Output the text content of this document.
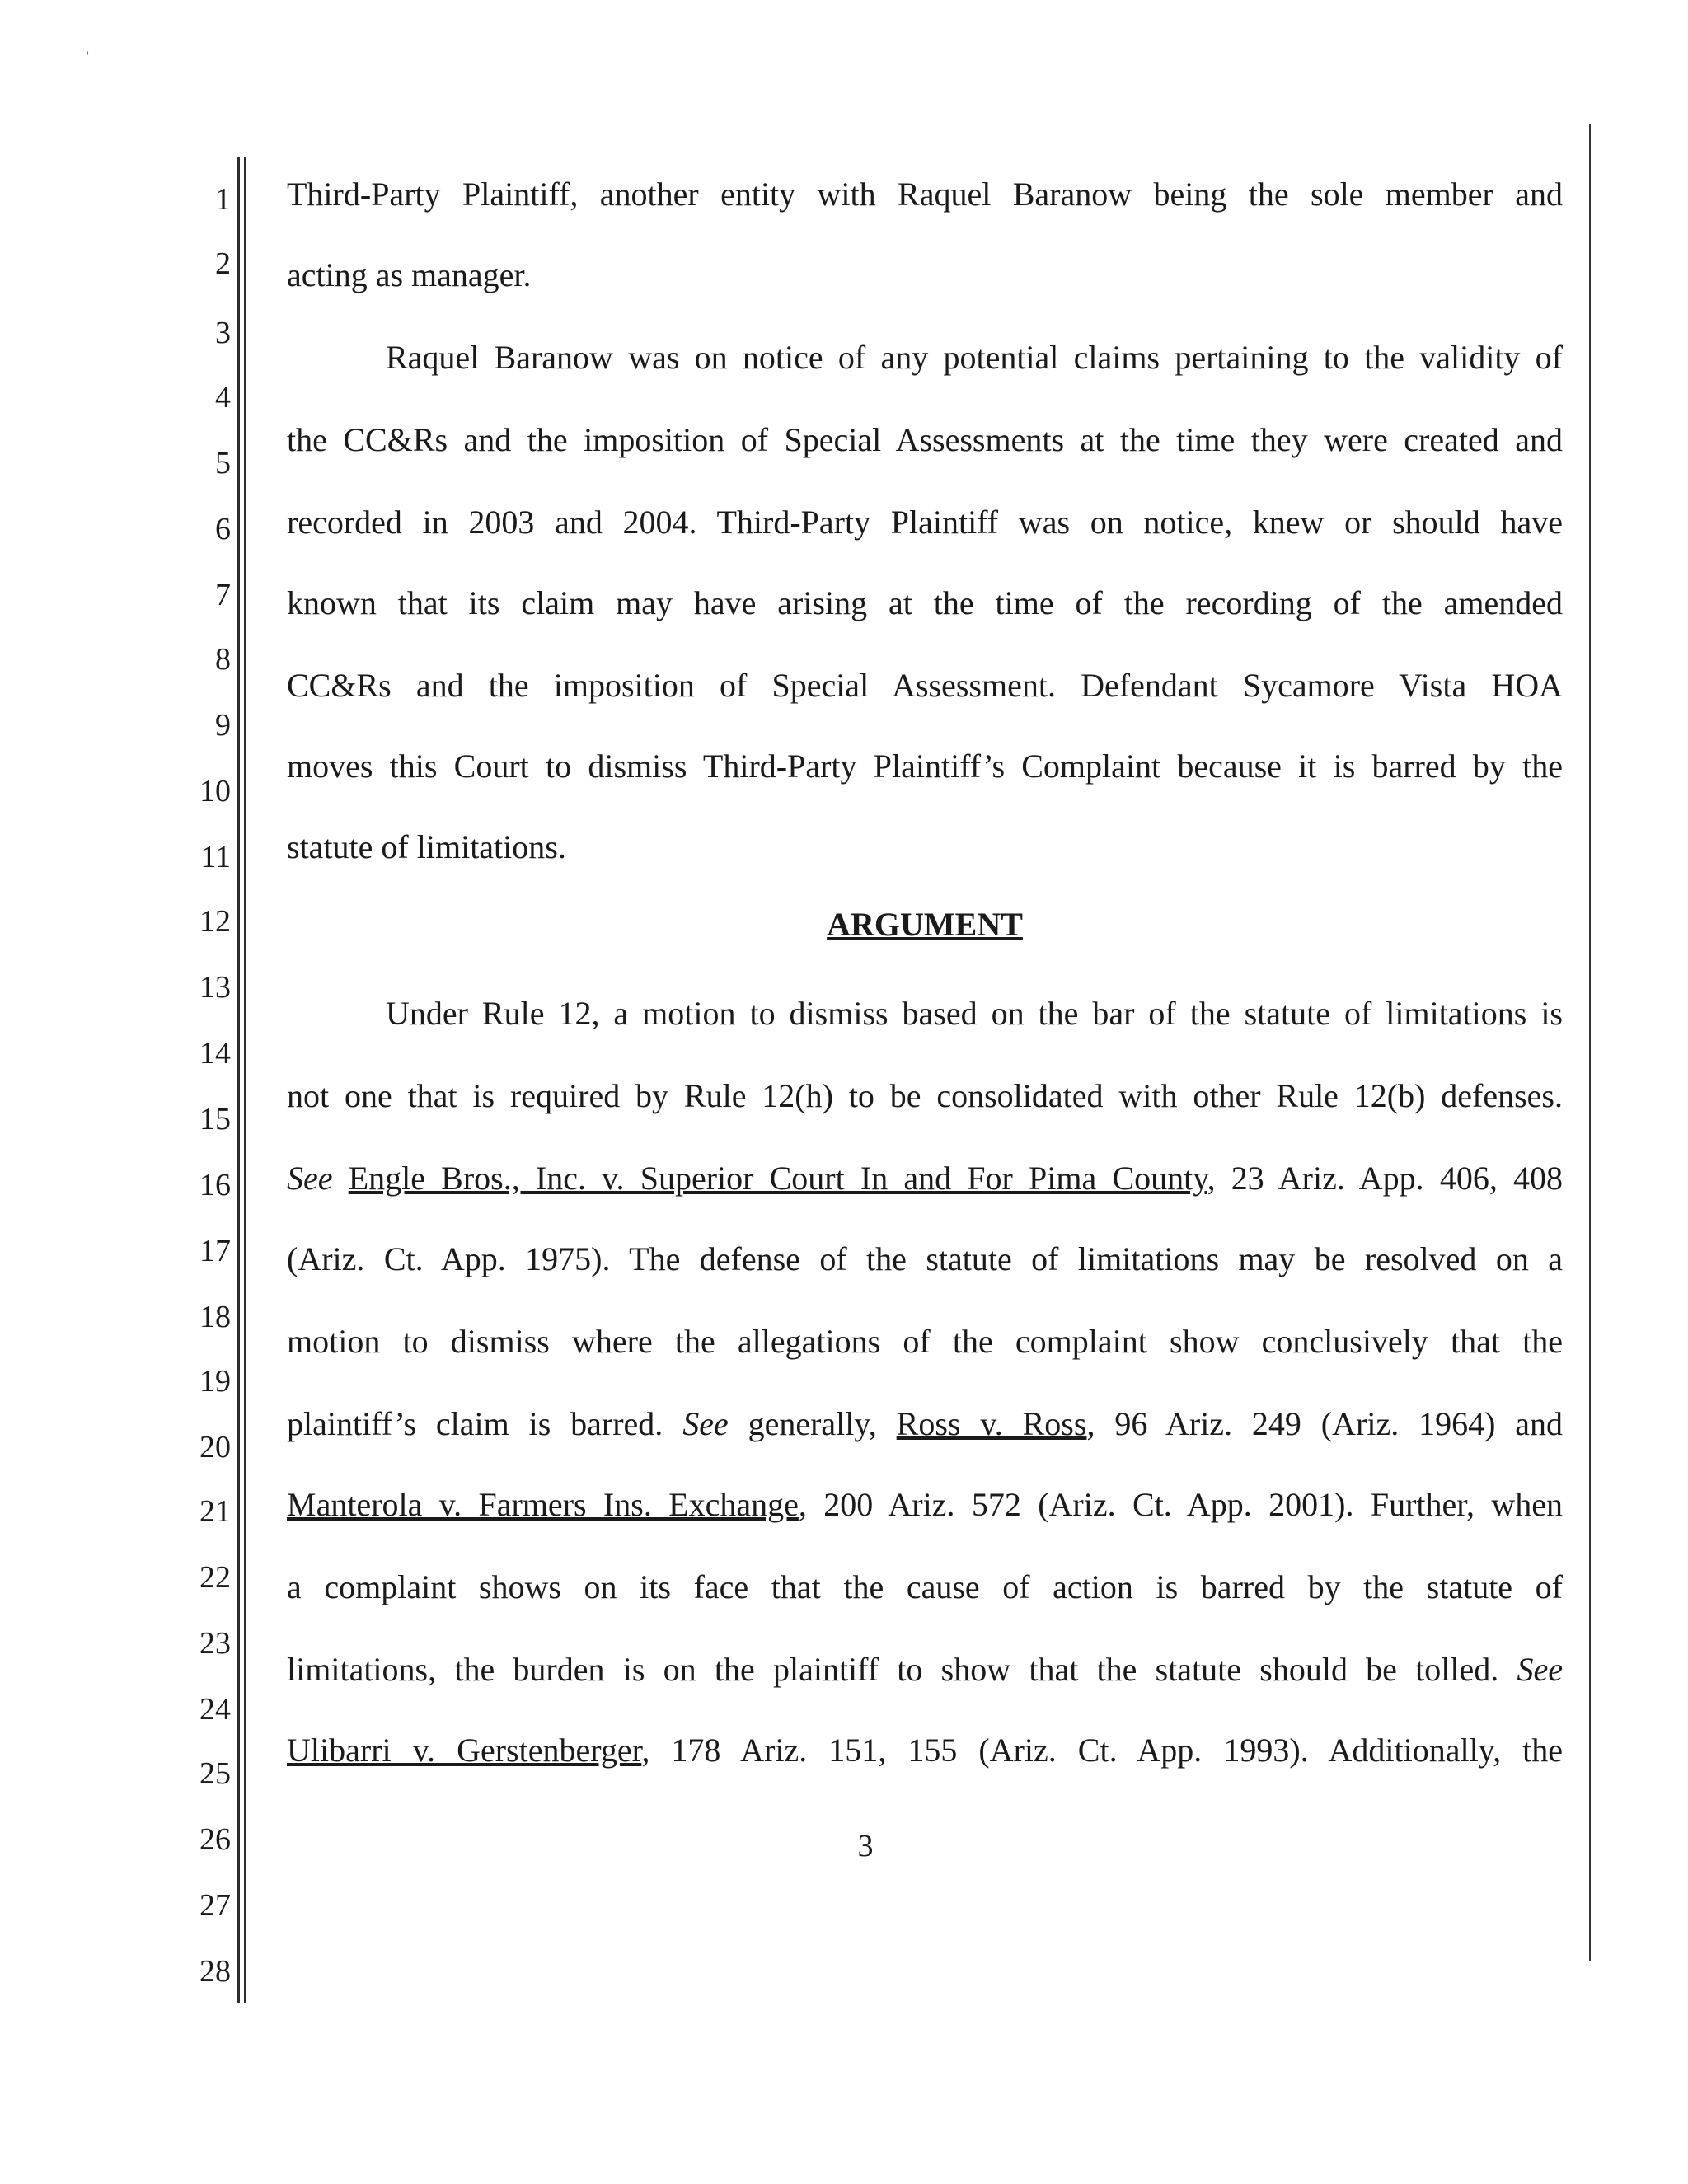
ˈ
1
2
3
4
5
6
7
8
9
10
11
12
13
14
15
16
17
18
19
20
21
22
23
24
25
26
27
28
Third-Party Plaintiff, another entity with Raquel Baranow being the sole member and
acting as manager.
Raquel Baranow was on notice of any potential claims pertaining to the validity of
the CC&Rs and the imposition of Special Assessments at the time they were created and
recorded in 2003 and 2004. Third-Party Plaintiff was on notice, knew or should have
known that its claim may have arising at the time of the recording of the amended
CC&Rs and the imposition of Special Assessment. Defendant Sycamore Vista HOA
moves this Court to dismiss Third-Party Plaintiff’s Complaint because it is barred by the
statute of limitations.
ARGUMENT
Under Rule 12, a motion to dismiss based on the bar of the statute of limitations is
not one that is required by Rule 12(h) to be consolidated with other Rule 12(b) defenses.
See Engle Bros., Inc. v. Superior Court In and For Pima County, 23 Ariz. App. 406, 408
(Ariz. Ct. App. 1975). The defense of the statute of limitations may be resolved on a
motion to dismiss where the allegations of the complaint show conclusively that the
plaintiff’s claim is barred. See generally, Ross v. Ross, 96 Ariz. 249 (Ariz. 1964) and
Manterola v. Farmers Ins. Exchange, 200 Ariz. 572 (Ariz. Ct. App. 2001). Further, when
a complaint shows on its face that the cause of action is barred by the statute of
limitations, the burden is on the plaintiff to show that the statute should be tolled. See
Ulibarri v. Gerstenberger, 178 Ariz. 151, 155 (Ariz. Ct. App. 1993). Additionally, the
3
